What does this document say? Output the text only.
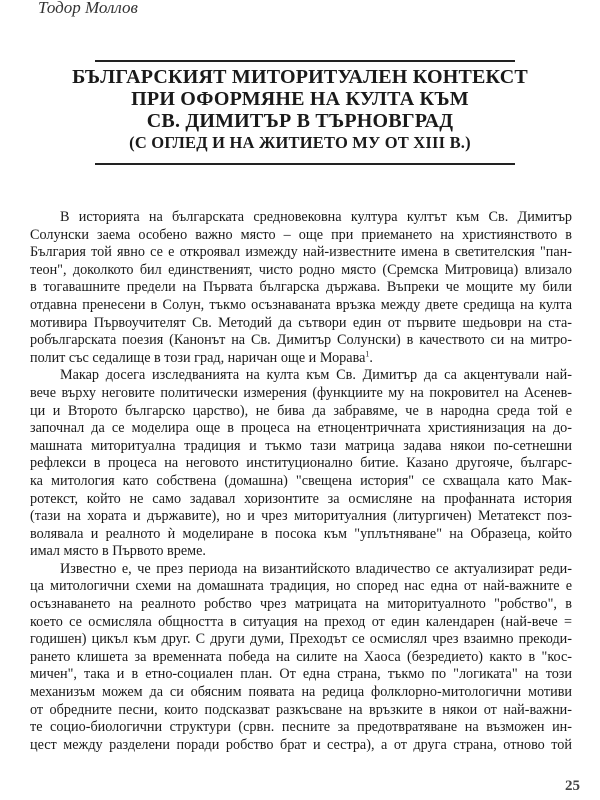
Тодор Моллов
БЪЛГАРСКИЯТ МИТОРИТУАЛЕН КОНТЕКСТ
ПРИ ОФОРМЯНЕ НА КУЛТА КЪМ
СВ. ДИМИТЪР В ТЪРНОВГРАД
(С ОГЛЕД И НА ЖИТИЕТО МУ ОТ XIII В.)
В историята на българската средновековна култура култът към Св. Димитър
Солунски заема особено важно място – още при приемането на християнството в
България той явно се е откроявал измежду най-известните имена в светителския "пан-
теон", доколкото бил единственият, чисто родно място (Сремска Митровица) влизало
в тогавашните предели на Първата българска държава. Въпреки че мощите му били
отдавна пренесени в Солун, тъкмо осъзнаваната връзка между двете средища на култа
мотивира Първоучителят Св. Методий да сътвори един от първите шедьоври на ста-
робългарската поезия (Канонът на Св. Димитър Солунски) в качеството си на митро-
полит със седалище в този град, наричан още и Морава$^1$.
Макар досега изследванията на култа към Св. Димитър да са акцентували най-
вече върху неговите политически измерения (функциите му на покровител на Асенев-
ци и Второто българско царство), не бива да забравяме, че в народна среда той е
започнал да се моделира още в процеса на етноцентричната християнизация на до-
машната миторитуална традиция и тъкмо тази матрица задава някои по-сетнешни
рефлекси в процеса на неговото институционално битие. Казано другояче, българс-
ка митология като собствена (домашна) "свещена история" се схващала като Мак-
ротекст, който не само задавал хоризонтите за осмисляне на профанната история
(тази на хората и държавите), но и чрез миторитуалния (литургичен) Метатекст поз-
волявала и реалното ѝ моделиране в посока към "уплътняване" на Образеца, който
имал място в Първото време.
Известно е, че през периода на византийското владичество се актуализират реди-
ца митологични схеми на домашната традиция, но според нас една от най-важните е
осъзнаването на реалното робство чрез матрицата на миторитуалното "робство", в
което се осмисляла общността в ситуация на преход от един календарен (най-вече =
годишен) цикъл към друг. С други думи, Преходът се осмислял чрез взаимно прекоди-
рането клишета за временната победа на силите на Хаоса (безредието) както в "кос-
мичен", така и в етно-социален план. От една страна, тъкмо по "логиката" на този
механизъм можем да си обясним появата на редица фолклорно-митологични мотиви
от обредните песни, които подсказват разкъсване на връзките в някои от най-важни-
те социо-биологични структури (срвн. песните за предотвратяване на възможен ин-
цест между разделени поради робство брат и сестра), а от друга страна, отново той
25
